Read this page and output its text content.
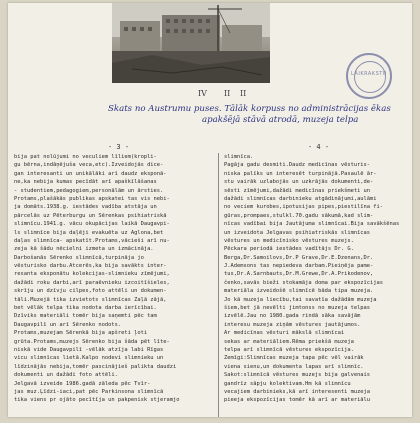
LAIKRAKSTU
IV II II
Skats no Austrumu puses. Tālāk korpuss no administrācijas ēkas
apakšējā stāvā atrodā, muzeja telpa
- 3 -	- 4 -
bija pat nolūjumi no veculiem līliem(kropli-
gu bērna,indāņējuša veca,etc).Izveidojās dice-
gan interesanti un unikālāki arī daudz eksponā-
ne,ka nebija kumas pecīdāt arī apaškīlāšanas
- studentiem,pedagogiem,personālām un ārsties.
Protams,plašākās publikas apskatei tas vis nebi-
ja domāts.1938.g. iestādes vadība atstāja un
pārcelās uz Pēterburgu un Sērenkas psihiatriskā
slimnīcu.1941.g. vācu okupācijas laikā Daugavpi-
ls slimnīce bija daļēji evakuēta uz Aglona,bet
daļas slimnīca- apskatīt.Protams,vācieši arī nu-
zeja kā šādu nēcielni izmeta un izmācināja.
Darbošanās Sērenko slimnīcā,turpināja jo
vēsturisko darbu.Atcerēs,ka bija savākts inter-
resanta eksponātu kolekcijas-slimnieku zīmējumi,
dažādi roku darbi,arī paraēvnieku izcoitīšieles,
skrīju un dzīvju cilpes,foto attēli un dokumen-
tāli.Muzejā tika izvietots slimnīcas Zaļā zājā,
bet vēlāk telpa tika nodota darba ierīcībai.
Dzīviks materiāli tomēr bija saņemti pēc tam
Daugavpilī un arī Sērenko nodots.
Protams,muzejam Sērenkā bija apšreti ļoti
grūta.Protams,muzejs Sērenko bija šāda pēt līte-
niskā vide Daugavpilī -vēlāk atzīja labi Rīgas
vicu slimnīcas lietā.Kalpo nodevi slimnieku un
līdzinājās nebija,tomēr pascinājieš palikta daudzi
dokumenti un dažādi foto attēli.
Jelgavā izveide 1986.gadā zāleda pēc Tvīr-
jas muz.Ļīdzi-iaci,pat pēc Parkinsona slimnīcā
tika viens pr ojāto pecītīja un pakpenisk stjeramjo
slimnīca.
Pagāja gadu desmiti.Daudz medicīnas vēsturis-
niska palīks un interesēt turpinājā.Pasaulē ār-
stu vairāk uzlabojās un uzkrājās dokumenti,de-
sēsti zīmējumi,dažādi medicīnas priekšmeti un
dažādi slimnīcas darbinieku atgādinājumi,aulāmi
no veciem kurobes,ipotusijas pipes,piestilīna fi-
gūras,prompaes,stulkl.70.gadu sākumā,kad slim-
nīcas vadībai bija Jautājuma slimnīcai.Bija savākšēnas
un izveidota Jelgavas psihiatriskās slimnīcas
vēstures un medicīnisko vēstures muzejs.
Pēckara periodā iestādes vadītājs Dr. G.
Berga,Dr.Samoilovs,Dr.P Grave,Dr.E.Dzenans,Dr.
J.Ademsons tas nepiedeva darbam.Pieiņēja pame-
tus,Dr.A.Sarnbauts,Dr.M.Grewe,Dr.A.Prikodenov,
čenko,savās bieži stokamāja doma par ekspozīcijas
materiāla izveidošē slimnīcē bāda tipa muzeja.
Jo kā muzeja liecību,tai savatīa dažādām muzeja
šiem,bet jā nevēlti jimtonss no muzeja telpas
izvēlē.Jau no 1980.gada rindā sāka savājām
interesu muzeja ziņām vēstures jautājumos.
Ar medicīnas vēsturi mākslā slimnīcai
sekas ar materiāliem.Rēma priekšā muzeja
telpa arī slimnīcā vēstures ekspozīcija.
Zemīgi:Slimnīcas muzeja tapa pēc vēl vairāk
viena sienu,un dokumenta lapas arī slimnīc.
Sakot:slimnīcā vēstures muzejs bija galvenais
gandrīz sāpju kolektivam.Hm kā slimnīcu
vecajiem darbinieks,kā arī interesenti muzeja
pieeja ekspozīcijas tomēr kā arī ar materiālu
